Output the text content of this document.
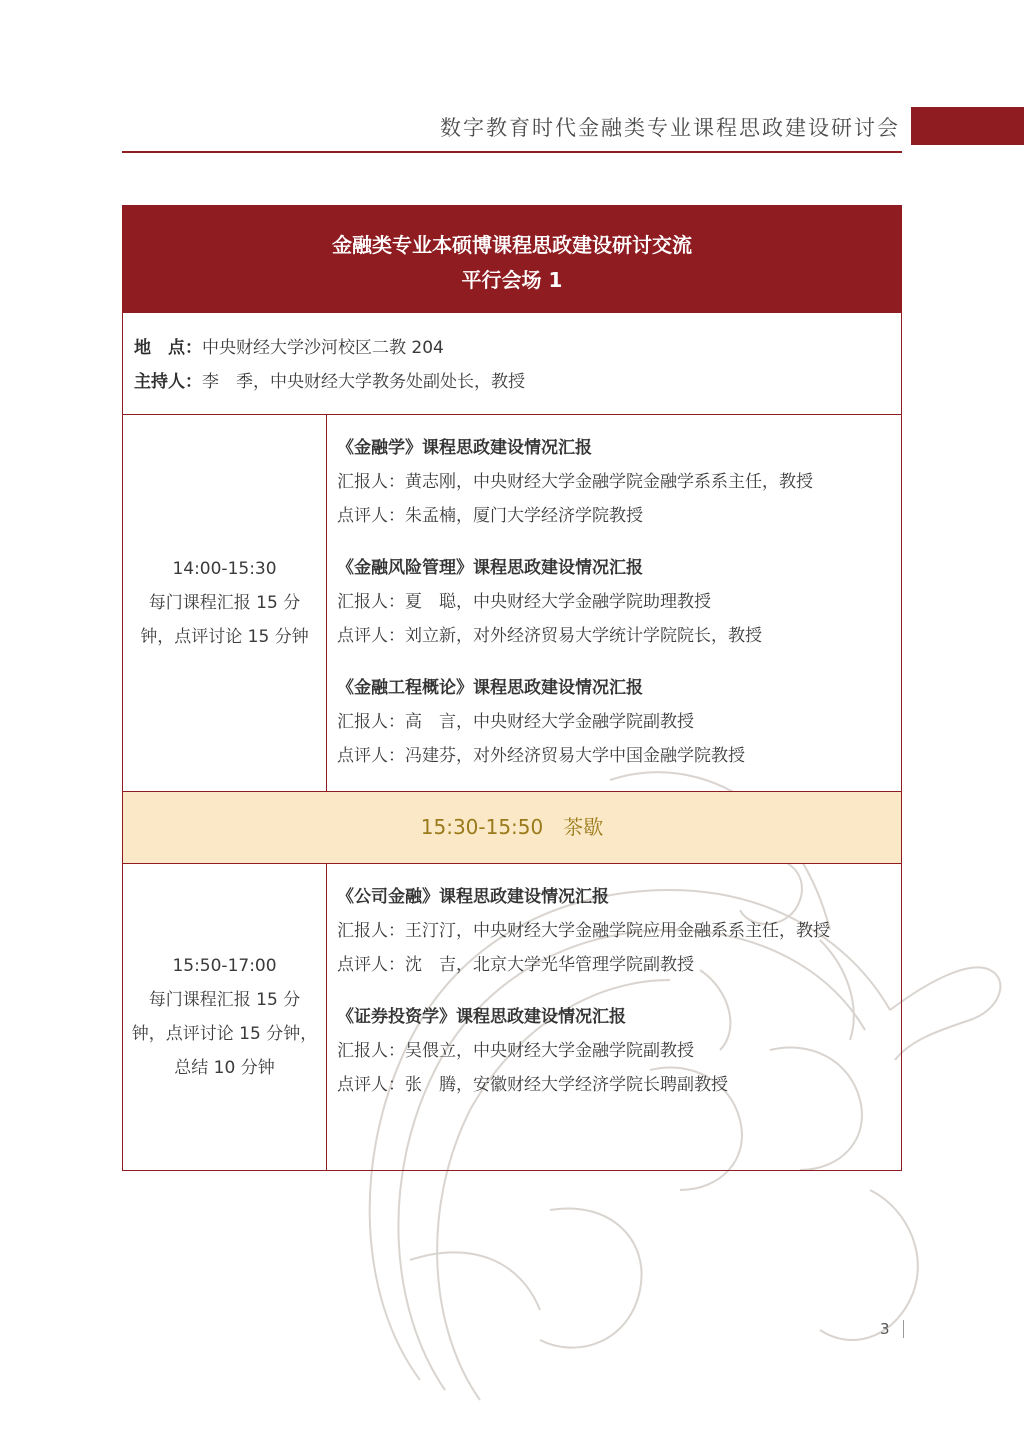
数字教育时代金融类专业课程思政建设研讨会
金融类专业本硕博课程思政建设研讨交流
平行会场 1
地　点：中央财经大学沙河校区二教 204
主持人：李　季，中央财经大学教务处副处长，教授
14:00-15:30
每门课程汇报 15 分
钟，点评讨论 15 分钟
《金融学》课程思政建设情况汇报
汇报人：黄志刚，中央财经大学金融学院金融学系系主任，教授
点评人：朱孟楠，厦门大学经济学院教授
《金融风险管理》课程思政建设情况汇报
汇报人：夏　聪，中央财经大学金融学院助理教授
点评人：刘立新，对外经济贸易大学统计学院院长，教授
《金融工程概论》课程思政建设情况汇报
汇报人：高　言，中央财经大学金融学院副教授
点评人：冯建芬，对外经济贸易大学中国金融学院教授
15:30-15:50　茶歇
15:50-17:00
每门课程汇报 15 分
钟，点评讨论 15 分钟，
总结 10 分钟
《公司金融》课程思政建设情况汇报
汇报人：王汀汀，中央财经大学金融学院应用金融系系主任，教授
点评人：沈　吉，北京大学光华管理学院副教授
《证券投资学》课程思政建设情况汇报
汇报人：吴偎立，中央财经大学金融学院副教授
点评人：张　腾，安徽财经大学经济学院长聘副教授
3
